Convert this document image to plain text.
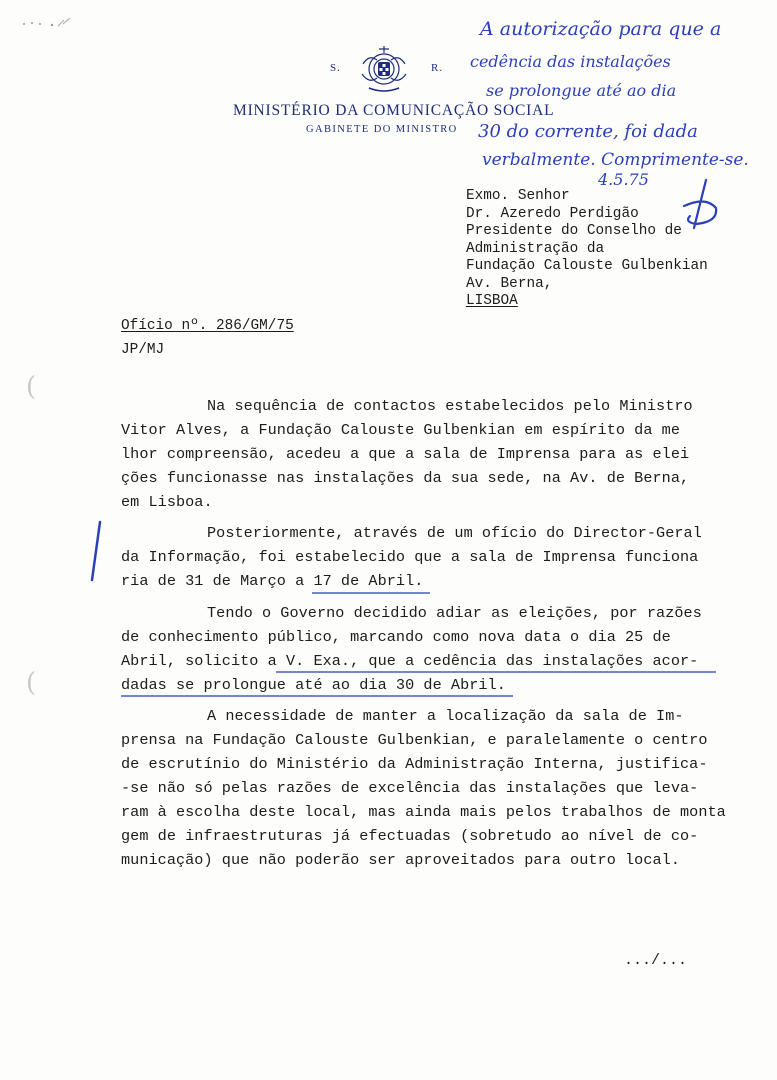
S.	R.
MINISTÉRIO DA COMUNICAÇÃO SOCIAL
GABINETE DO MINISTRO
A autorização para que a
cedência das instalações
se prolongue até ao dia
30 do corrente, foi dada
verbalmente. Comprimente-se.
4.5.75
Exmo. Senhor
Dr. Azeredo Perdigão
Presidente do Conselho de
Administração da
Fundação Calouste Gulbenkian
Av. Berna,
LISBOA
Ofício nº. 286/GM/75
JP/MJ
(
(
Na sequência de contactos estabelecidos pelo Ministro
Vitor Alves, a Fundação Calouste Gulbenkian em espírito da me
lhor compreensão, acedeu a que a sala de Imprensa para as elei
ções funcionasse nas instalações da sua sede, na Av. de Berna,
em Lisboa.
Posteriormente, através de um ofício do Director-Geral
da Informação, foi estabelecido que a sala de Imprensa funciona
ria de 31 de Março a 17 de Abril.
Tendo o Governo decidido adiar as eleições, por razões
de conhecimento público, marcando como nova data o dia 25 de
Abril, solicito a V. Exa., que a cedência das instalações acor-
dadas se prolongue até ao dia 30 de Abril.
A necessidade de manter a localização da sala de Im-
prensa na Fundação Calouste Gulbenkian, e paralelamente o centro
de escrutínio do Ministério da Administração Interna, justifica-
-se não só pelas razões de excelência das instalações que leva-
ram à escolha deste local, mas ainda mais pelos trabalhos de monta
gem de infraestruturas já efectuadas (sobretudo ao nível de co-
municação) que não poderão ser aproveitados para outro local.
.../...
